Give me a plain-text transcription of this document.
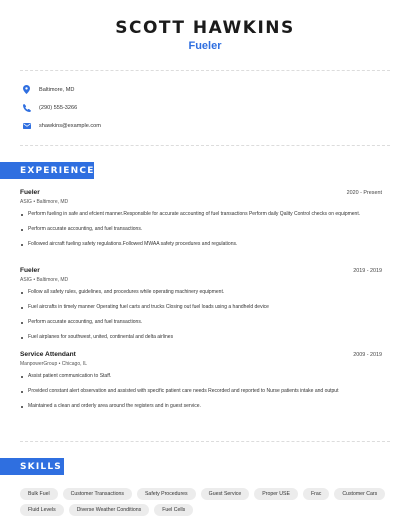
SCOTT HAWKINS
Fueler
Baltimore, MD
(290) 555-3266
shawkins@example.com
EXPERIENCE
Fueler	2020 - Present
ASIG • Baltimore, MD
Perform fueling in safe and efcient manner.Responsible for accurate accounting of fuel transactions Perform daily Qality Control checks on equipment.
Perform accurate accounting, and fuel transactions.
Followed aircraft fueling safety regulations.Followed MWAA safety procedures and regulations.
Fueler	2019 - 2019
ASIG • Baltimore, MD
Follow all safety rules, guidelines, and procedures while operating machinery equipment.
Fuel aircrafts in timely manner Operating fuel carts and trucks Closing out fuel loads using a handheld device
Perform accurate accounting, and fuel transactions.
Fuel airplanes for southwest, united, continental and delta airlines
Service Attendant	2009 - 2019
ManpowerGroup • Chicago, IL
Assist patient communication to Staff.
Provided constant alert observation and assisted with specific patient care needs Recorded and reported to Nurse patients intake and output
Maintained a clean and orderly area around the registers and in guest service.
SKILLS
Bulk Fuel	Customer Transactions	Safety Procedures	Guest Service	Proper USE	Frac	Customer Cars
Fluid Levels	Diverse Weather Conditions	Fuel Cells
